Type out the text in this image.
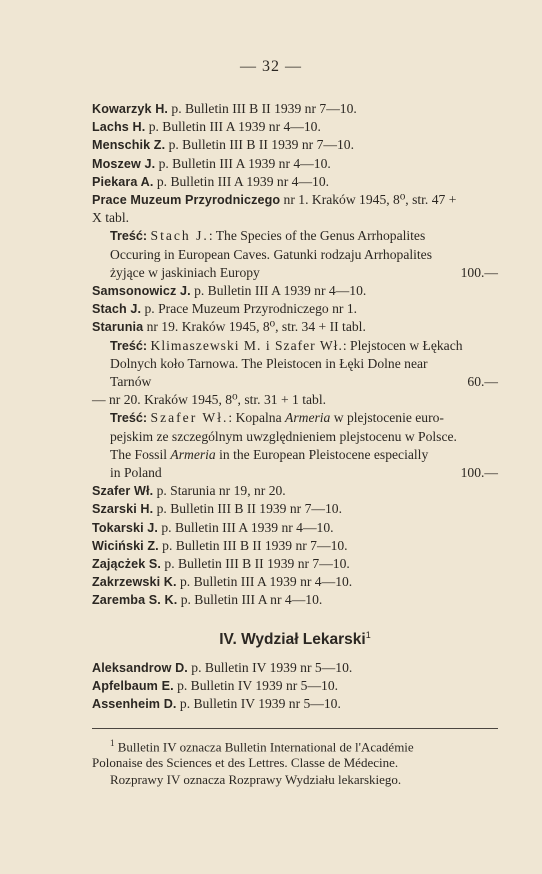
— 32 —
Kowarzyk H. p. Bulletin III B II 1939 nr 7—10.
Lachs H. p. Bulletin III A 1939 nr 4—10.
Menschik Z. p. Bulletin III B II 1939 nr 7—10.
Moszew J. p. Bulletin III A 1939 nr 4—10.
Piekara A. p. Bulletin III A 1939 nr 4—10.
Prace Muzeum Przyrodniczego nr 1. Kraków 1945, 8⁰, str. 47 +
X tabl.
Treść: Stach J.: The Species of the Genus Arrhopalites
Occuring in European Caves. Gatunki rodzaju Arrhopalites
żyjące w jaskiniach Europy	100.—
Samsonowicz J. p. Bulletin III A 1939 nr 4—10.
Stach J. p. Prace Muzeum Przyrodniczego nr 1.
Starunia nr 19. Kraków 1945, 8⁰, str. 34 + II tabl.
Treść: Klimaszewski M. i Szafer Wł.: Plejstocen w Łękach
Dolnych koło Tarnowa. The Pleistocen in Łęki Dolne near
Tarnów	60.—
— nr 20. Kraków 1945, 8⁰, str. 31 + 1 tabl.
Treść: Szafer Wł.: Kopalna Armeria w plejstocenie euro-
pejskim ze szczególnym uwzględnieniem plejstocenu w Polsce.
The Fossil Armeria in the European Pleistocene especially
in Poland	100.—
Szafer Wł. p. Starunia nr 19, nr 20.
Szarski H. p. Bulletin III B II 1939 nr 7—10.
Tokarski J. p. Bulletin III A 1939 nr 4—10.
Wiciński Z. p. Bulletin III B II 1939 nr 7—10.
Zającżek S. p. Bulletin III B II 1939 nr 7—10.
Zakrzewski K. p. Bulletin III A 1939 nr 4—10.
Zaremba S. K. p. Bulletin III A nr 4—10.
IV. Wydział Lekarski$^1$
Aleksandrow D. p. Bulletin IV 1939 nr 5—10.
Apfelbaum E. p. Bulletin IV 1939 nr 5—10.
Assenheim D. p. Bulletin IV 1939 nr 5—10.
$^1$ Bulletin IV oznacza Bulletin International de l'Académie
Polonaise des Sciences et des Lettres. Classe de Médecine.
Rozprawy IV oznacza Rozprawy Wydziału lekarskiego.
